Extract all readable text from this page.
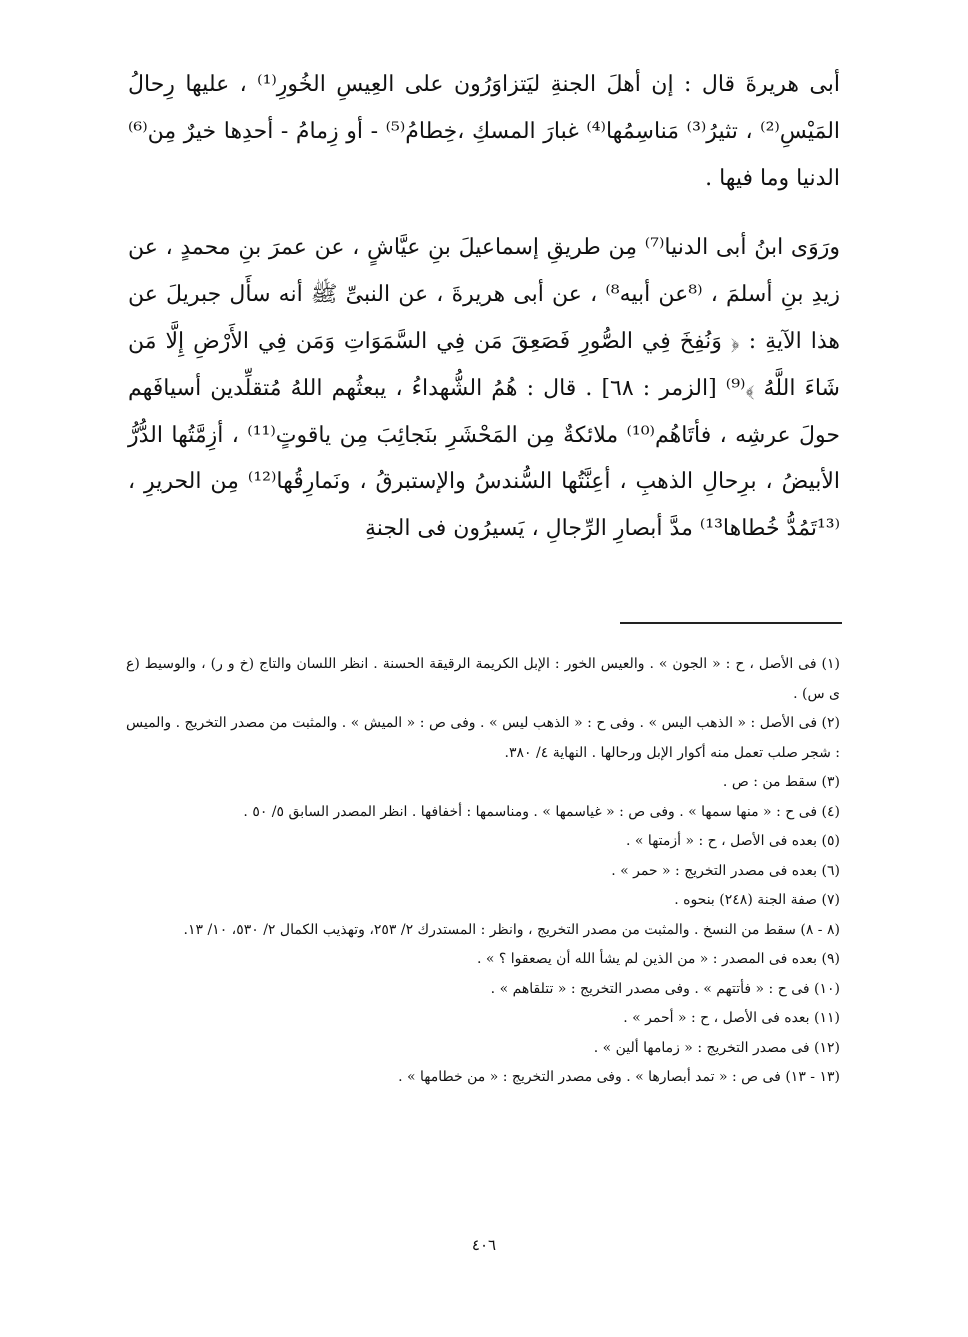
أبى هريرةَ قال : إن أهلَ الجنةِ ليَتزاوَرُون على العِيسِ الخُورِ⁽¹⁾ ، عليها رِحالُ المَيْسِ⁽²⁾ ، تثيرُ⁽³⁾ مَناسِمُها⁽⁴⁾ غبارَ المسكِ ،خِطامُ⁽⁵⁾ - أو زِمامُ - أحدِها خيرٌ مِن⁽⁶⁾ الدنيا وما فيها .

ورَوَى ابنُ أبى الدنيا⁽⁷⁾ مِن طريقِ إسماعيلَ بنِ عيَّاشٍ ، عن عمرَ بنِ محمدٍ ، عن زيدِ بنِ أسلمَ ، ⁽⁸عن أبيه⁸⁾ ، عن أبى هريرةَ ، عن النبىِّ ﷺ أنه سأَل جبريلَ عن هذا الآيةِ : ﴿ وَنُفِخَ فِي الصُّورِ فَصَعِقَ مَن فِي السَّمَوَاتِ وَمَن فِي الأَرْضِ إِلَّا مَن شَاءَ اللَّهُ ﴾⁽⁹⁾ [الزمر : ٦٨] . قال : هُمُ الشُّهداءُ ، يبعثُهم اللهُ مُتقلِّدين أسيافَهم حولَ عرشِه ، فأتَاهُم⁽¹⁰⁾ ملائكةٌ مِن المَحْشَرِ بنَجائِبَ مِن ياقوتٍ⁽¹¹⁾ ، أزِمَّتُها الدُّرُّ الأبيضُ ، برِحالِ الذهبِ ، أعِنَّتُها السُّندسُ والإستبرقُ ، ونَمارِقُها⁽¹²⁾ مِن الحريرِ ، ⁽¹³تَمُدُّ خُطاها¹³⁾ مدَّ أبصارِ الرِّجالِ ، يَسيرُون فى الجنةِ

(١) فى الأصل ، ح : « الجون » . والعيس الخور : الإبل الكريمة الرقيقة الحسنة . انظر اللسان والتاج (خ و ر) ، والوسيط (ع ى س) .

(٢) فى الأصل : « الذهب اليس » . وفى ح : « الذهب ليس » . وفى ص : « الميش » . والمثبت من مصدر التخريج . والميس : شجر صلب تعمل منه أكوار الإبل ورحالها . النهاية ٤/ ٣٨٠.

(٣) سقط من : ص .

(٤) فى ح : « منها سمها » . وفى ص : « غياسمها » . ومناسمها : أخفافها . انظر المصدر السابق ٥/ ٥٠ .

(٥) بعده فى الأصل ، ح : « أزمتها » .

(٦) بعده فى مصدر التخريج : « حمر » .

(٧) صفة الجنة (٢٤٨) بنحوه .

(٨ - ٨) سقط من النسخ . والمثبت من مصدر التخريج ، وانظر : المستدرك ٢/ ٢٥٣، وتهذيب الكمال ٢/ ٥٣٠، ١٠/ ١٣.

(٩) بعده فى المصدر : « من الذين لم يشأ الله أن يصعقوا ؟ » .

(١٠) فى ح : « فأتتهم » . وفى مصدر التخريج : « تتلقاهم » .

(١١) بعده فى الأصل ، ح : « أحمر » .

(١٢) فى مصدر التخريج : « زمامها ألين » .

(١٣ - ١٣) فى ص : « تمد أبصارها » . وفى مصدر التخريج : « من خطامها » .

٤٠٦
